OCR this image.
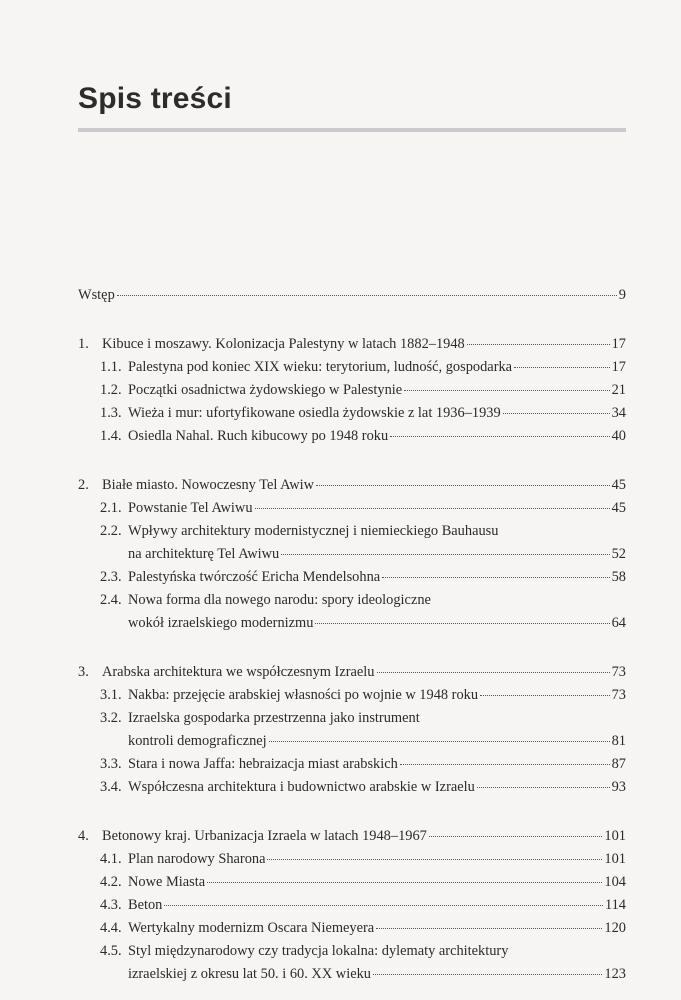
Spis treści
Wstęp	9
1. Kibuce i moszawy. Kolonizacja Palestyny w latach 1882–1948	17
1.1. Palestyna pod koniec XIX wieku: terytorium, ludność, gospodarka	17
1.2. Początki osadnictwa żydowskiego w Palestynie	21
1.3. Wieża i mur: ufortyfikowane osiedla żydowskie z lat 1936–1939	34
1.4. Osiedla Nahal. Ruch kibucowy po 1948 roku	40
2. Białe miasto. Nowoczesny Tel Awiw	45
2.1. Powstanie Tel Awiwu	45
2.2. Wpływy architektury modernistycznej i niemieckiego Bauhausu
na architekturę Tel Awiwu	52
2.3. Palestyńska twórczość Ericha Mendelsohna	58
2.4. Nowa forma dla nowego narodu: spory ideologiczne
wokół izraelskiego modernizmu	64
3. Arabska architektura we współczesnym Izraelu	73
3.1. Nakba: przejęcie arabskiej własności po wojnie w 1948 roku	73
3.2. Izraelska gospodarka przestrzenna jako instrument
kontroli demograficznej	81
3.3. Stara i nowa Jaffa: hebraizacja miast arabskich	87
3.4. Współczesna architektura i budownictwo arabskie w Izraelu	93
4. Betonowy kraj. Urbanizacja Izraela w latach 1948–1967	101
4.1. Plan narodowy Sharona	101
4.2. Nowe Miasta	104
4.3. Beton	114
4.4. Wertykalny modernizm Oscara Niemeyera	120
4.5. Styl międzynarodowy czy tradycja lokalna: dylematy architektury
izraelskiej z okresu lat 50. i 60. XX wieku	123
